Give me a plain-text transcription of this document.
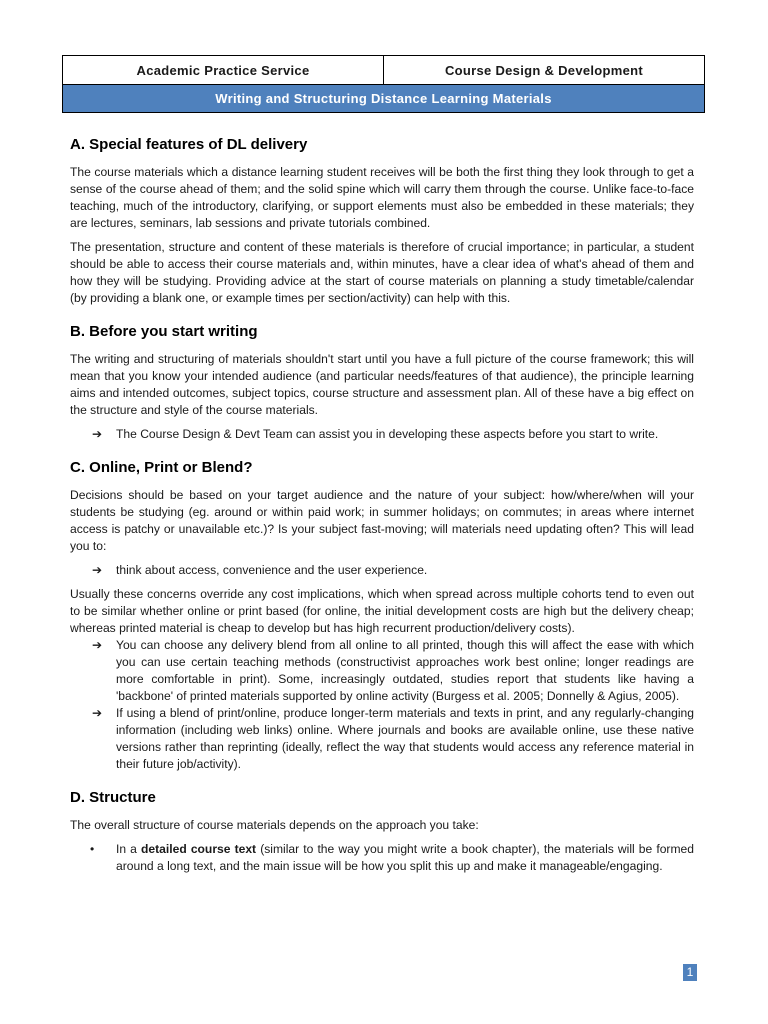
Academic Practice Service	Course Design & Development
Writing and Structuring Distance Learning Materials
A. Special features of DL delivery

The course materials which a distance learning student receives will be both the first thing they look through to get a sense of the course ahead of them; and the solid spine which will carry them through the course. Unlike face-to-face teaching, much of the introductory, clarifying, or support elements must also be embedded in these materials; they are lectures, seminars, lab sessions and private tutorials combined.

The presentation, structure and content of these materials is therefore of crucial importance; in particular, a student should be able to access their course materials and, within minutes, have a clear idea of what's ahead of them and how they will be studying. Providing advice at the start of course materials on planning a study timetable/calendar (by providing a blank one, or example times per section/activity) can help with this.

B. Before you start writing

The writing and structuring of materials shouldn't start until you have a full picture of the course framework; this will mean that you know your intended audience (and particular needs/features of that audience), the principle learning aims and intended outcomes, subject topics, course structure and assessment plan. All of these have a big effect on the structure and style of the course materials.

➔ The Course Design & Devt Team can assist you in developing these aspects before you start to write.
C. Online, Print or Blend?

Decisions should be based on your target audience and the nature of your subject: how/where/when will your students be studying (eg. around or within paid work; in summer holidays; on commutes; in areas where internet access is patchy or unavailable etc.)? Is your subject fast-moving; will materials need updating often? This will lead you to:

➔ think about access, convenience and the user experience.

Usually these concerns override any cost implications, which when spread across multiple cohorts tend to even out to be similar whether online or print based (for online, the initial development costs are high but the delivery cheap; whereas printed material is cheap to develop but has high recurrent production/delivery costs).

➔ You can choose any delivery blend from all online to all printed, though this will affect the ease with which you can use certain teaching methods (constructivist approaches work best online; longer readings are more comfortable in print). Some, increasingly outdated, studies report that students like having a 'backbone' of printed materials supported by online activity (Burgess et al. 2005; Donnelly & Agius, 2005).
➔ If using a blend of print/online, produce longer-term materials and texts in print, and any regularly-changing information (including web links) online. Where journals and books are available online, use these native versions rather than reprinting (ideally, reflect the way that students would access any reference material in their future job/activity).
D. Structure

The overall structure of course materials depends on the approach you take:

• In a detailed course text (similar to the way you might write a book chapter), the materials will be formed around a long text, and the main issue will be how you split this up and make it manageable/engaging.
1
